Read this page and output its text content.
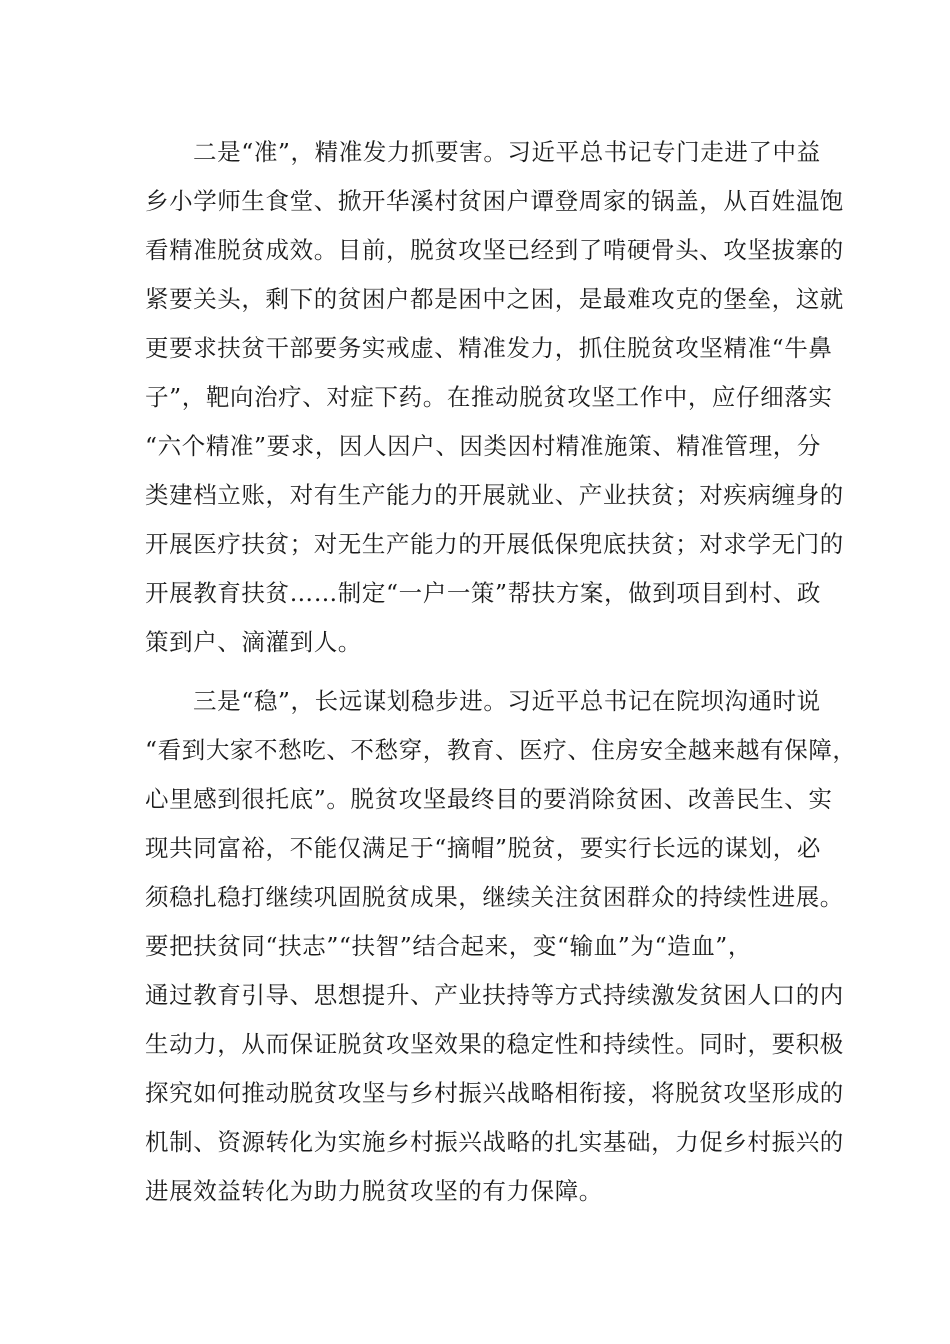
二是“准”，精准发力抓要害。习近平总书记专门走进了中益
乡小学师生食堂、掀开华溪村贫困户谭登周家的锅盖，从百姓温饱
看精准脱贫成效。目前，脱贫攻坚已经到了啃硬骨头、攻坚拔寨的
紧要关头，剩下的贫困户都是困中之困，是最难攻克的堡垒，这就
更要求扶贫干部要务实戒虚、精准发力，抓住脱贫攻坚精准“牛鼻
子”，靶向治疗、对症下药。在推动脱贫攻坚工作中，应仔细落实
“六个精准”要求，因人因户、因类因村精准施策、精准管理，分
类建档立账，对有生产能力的开展就业、产业扶贫；对疾病缠身的
开展医疗扶贫；对无生产能力的开展低保兜底扶贫；对求学无门的
开展教育扶贫……制定“一户一策”帮扶方案，做到项目到村、政
策到户、滴灌到人。
三是“稳”，长远谋划稳步进。习近平总书记在院坝沟通时说
“看到大家不愁吃、不愁穿，教育、医疗、住房安全越来越有保障，
心里感到很托底”。脱贫攻坚最终目的要消除贫困、改善民生、实
现共同富裕，不能仅满足于“摘帽”脱贫，要实行长远的谋划，必
须稳扎稳打继续巩固脱贫成果，继续关注贫困群众的持续性进展。
要把扶贫同“扶志”“扶智”结合起来，变“输血”为“造血”，
通过教育引导、思想提升、产业扶持等方式持续激发贫困人口的内
生动力，从而保证脱贫攻坚效果的稳定性和持续性。同时，要积极
探究如何推动脱贫攻坚与乡村振兴战略相衔接，将脱贫攻坚形成的
机制、资源转化为实施乡村振兴战略的扎实基础，力促乡村振兴的
进展效益转化为助力脱贫攻坚的有力保障。
